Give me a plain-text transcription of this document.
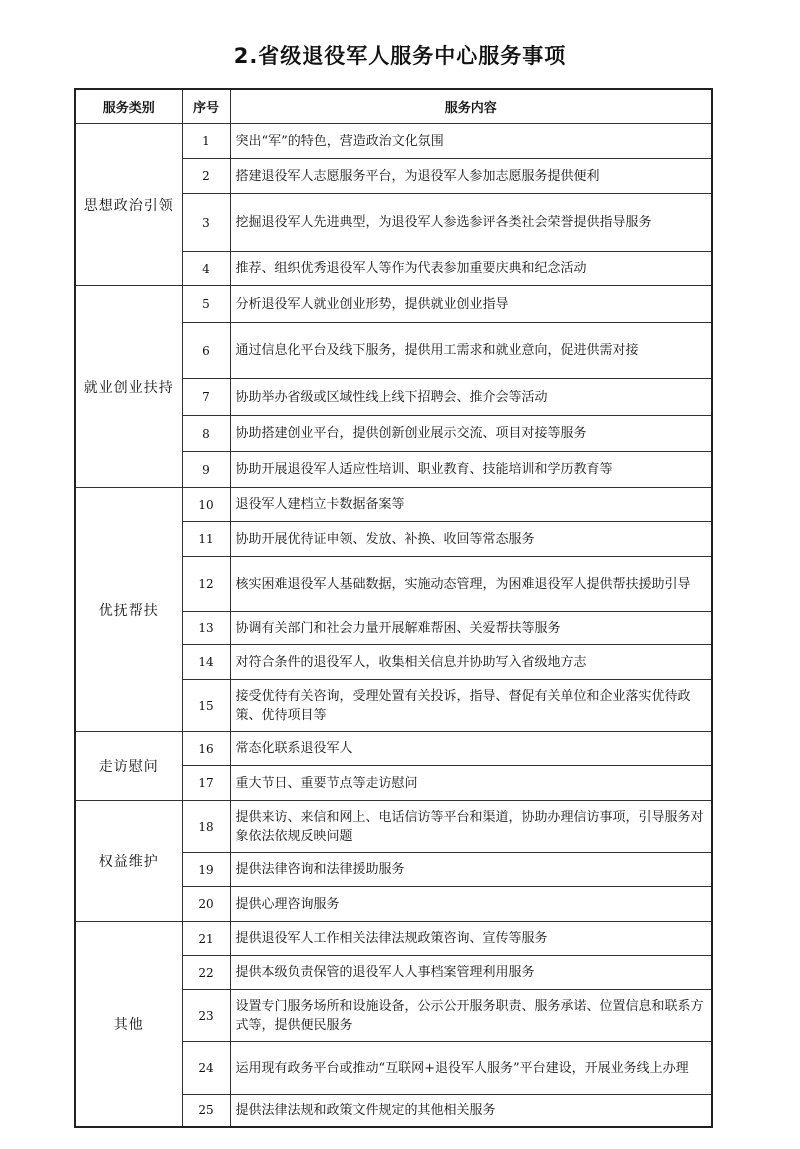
2.省级退役军人服务中心服务事项
服务类别	序号	服务内容
思想政治引领	1	突出“军”的特色，营造政治文化氛围
	2	搭建退役军人志愿服务平台，为退役军人参加志愿服务提供便利
	3	挖掘退役军人先进典型，为退役军人参选参评各类社会荣誉提供指导服务
	4	推荐、组织优秀退役军人等作为代表参加重要庆典和纪念活动
就业创业扶持	5	分析退役军人就业创业形势，提供就业创业指导
	6	通过信息化平台及线下服务，提供用工需求和就业意向，促进供需对接
	7	协助举办省级或区域性线上线下招聘会、推介会等活动
	8	协助搭建创业平台，提供创新创业展示交流、项目对接等服务
	9	协助开展退役军人适应性培训、职业教育、技能培训和学历教育等
优抚帮扶	10	退役军人建档立卡数据备案等
	11	协助开展优待证申领、发放、补换、收回等常态服务
	12	核实困难退役军人基础数据，实施动态管理，为困难退役军人提供帮扶援助引导
	13	协调有关部门和社会力量开展解难帮困、关爱帮扶等服务
	14	对符合条件的退役军人，收集相关信息并协助写入省级地方志
	15	接受优待有关咨询，受理处置有关投诉，指导、督促有关单位和企业落实优待政策、优待项目等
走访慰问	16	常态化联系退役军人
	17	重大节日、重要节点等走访慰问
权益维护	18	提供来访、来信和网上、电话信访等平台和渠道，协助办理信访事项，引导服务对象依法依规反映问题
	19	提供法律咨询和法律援助服务
	20	提供心理咨询服务
其他	21	提供退役军人工作相关法律法规政策咨询、宣传等服务
	22	提供本级负责保管的退役军人人事档案管理利用服务
	23	设置专门服务场所和设施设备，公示公开服务职责、服务承诺、位置信息和联系方式等，提供便民服务
	24	运用现有政务平台或推动“互联网+退役军人服务”平台建设，开展业务线上办理
	25	提供法律法规和政策文件规定的其他相关服务
